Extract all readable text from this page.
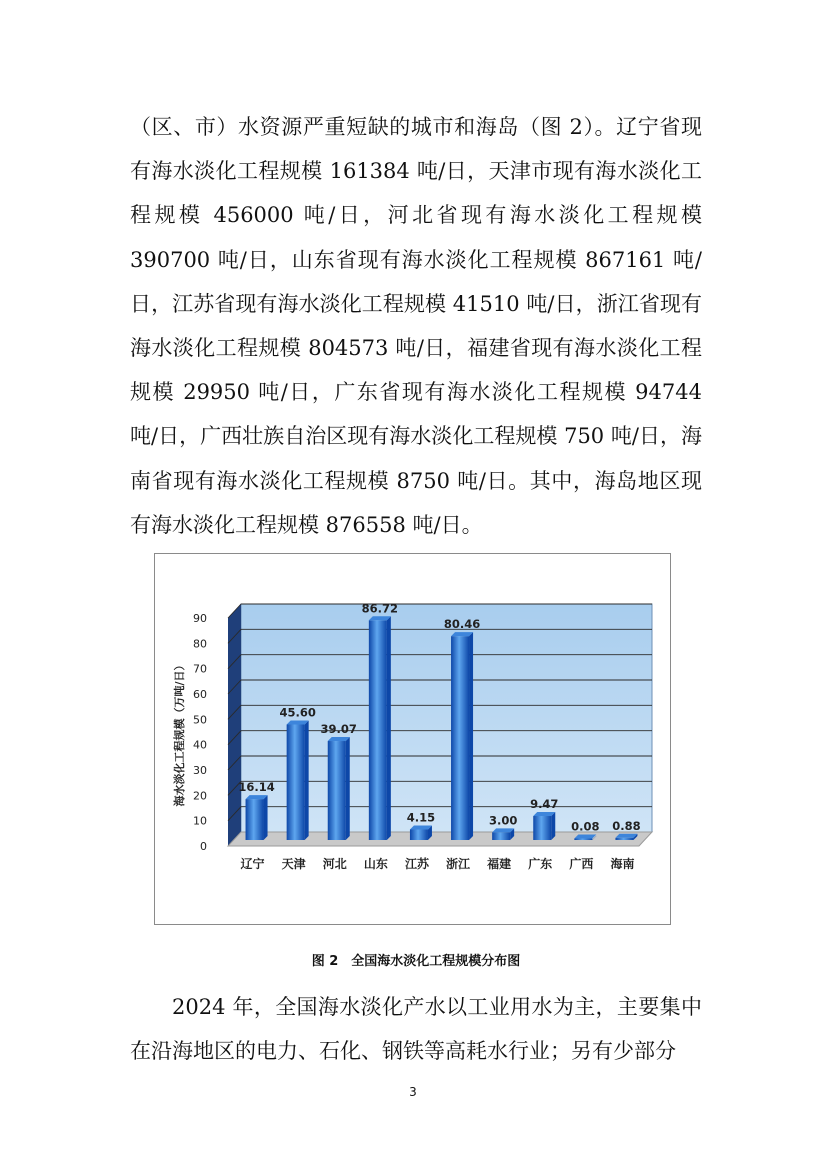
（区、市）水资源严重短缺的城市和海岛（图 2）。辽宁省现有海水淡化工程规模 161384 吨/日，天津市现有海水淡化工程规模 456000 吨/日，河北省现有海水淡化工程规模 390700 吨/日，山东省现有海水淡化工程规模 867161 吨/日，江苏省现有海水淡化工程规模 41510 吨/日，浙江省现有海水淡化工程规模 804573 吨/日，福建省现有海水淡化工程规模 29950 吨/日，广东省现有海水淡化工程规模 94744 吨/日，广西壮族自治区现有海水淡化工程规模 750 吨/日，海南省现有海水淡化工程规模 8750 吨/日。其中，海岛地区现有海水淡化工程规模 876558 吨/日。

0
10
20
30
40
50
60
70
80
90
海水淡化工程规模（万吨/日）	16.14
辽宁
45.60
天津
39.07
河北
86.72
山东
4.15
江苏
80.46
浙江
3.00
福建
9.47
广东
0.08
广西
0.88
海南
图 2　全国海水淡化工程规模分布图

2024 年，全国海水淡化产水以工业用水为主，主要集中在沿海地区的电力、石化、钢铁等高耗水行业；另有少部分

3
